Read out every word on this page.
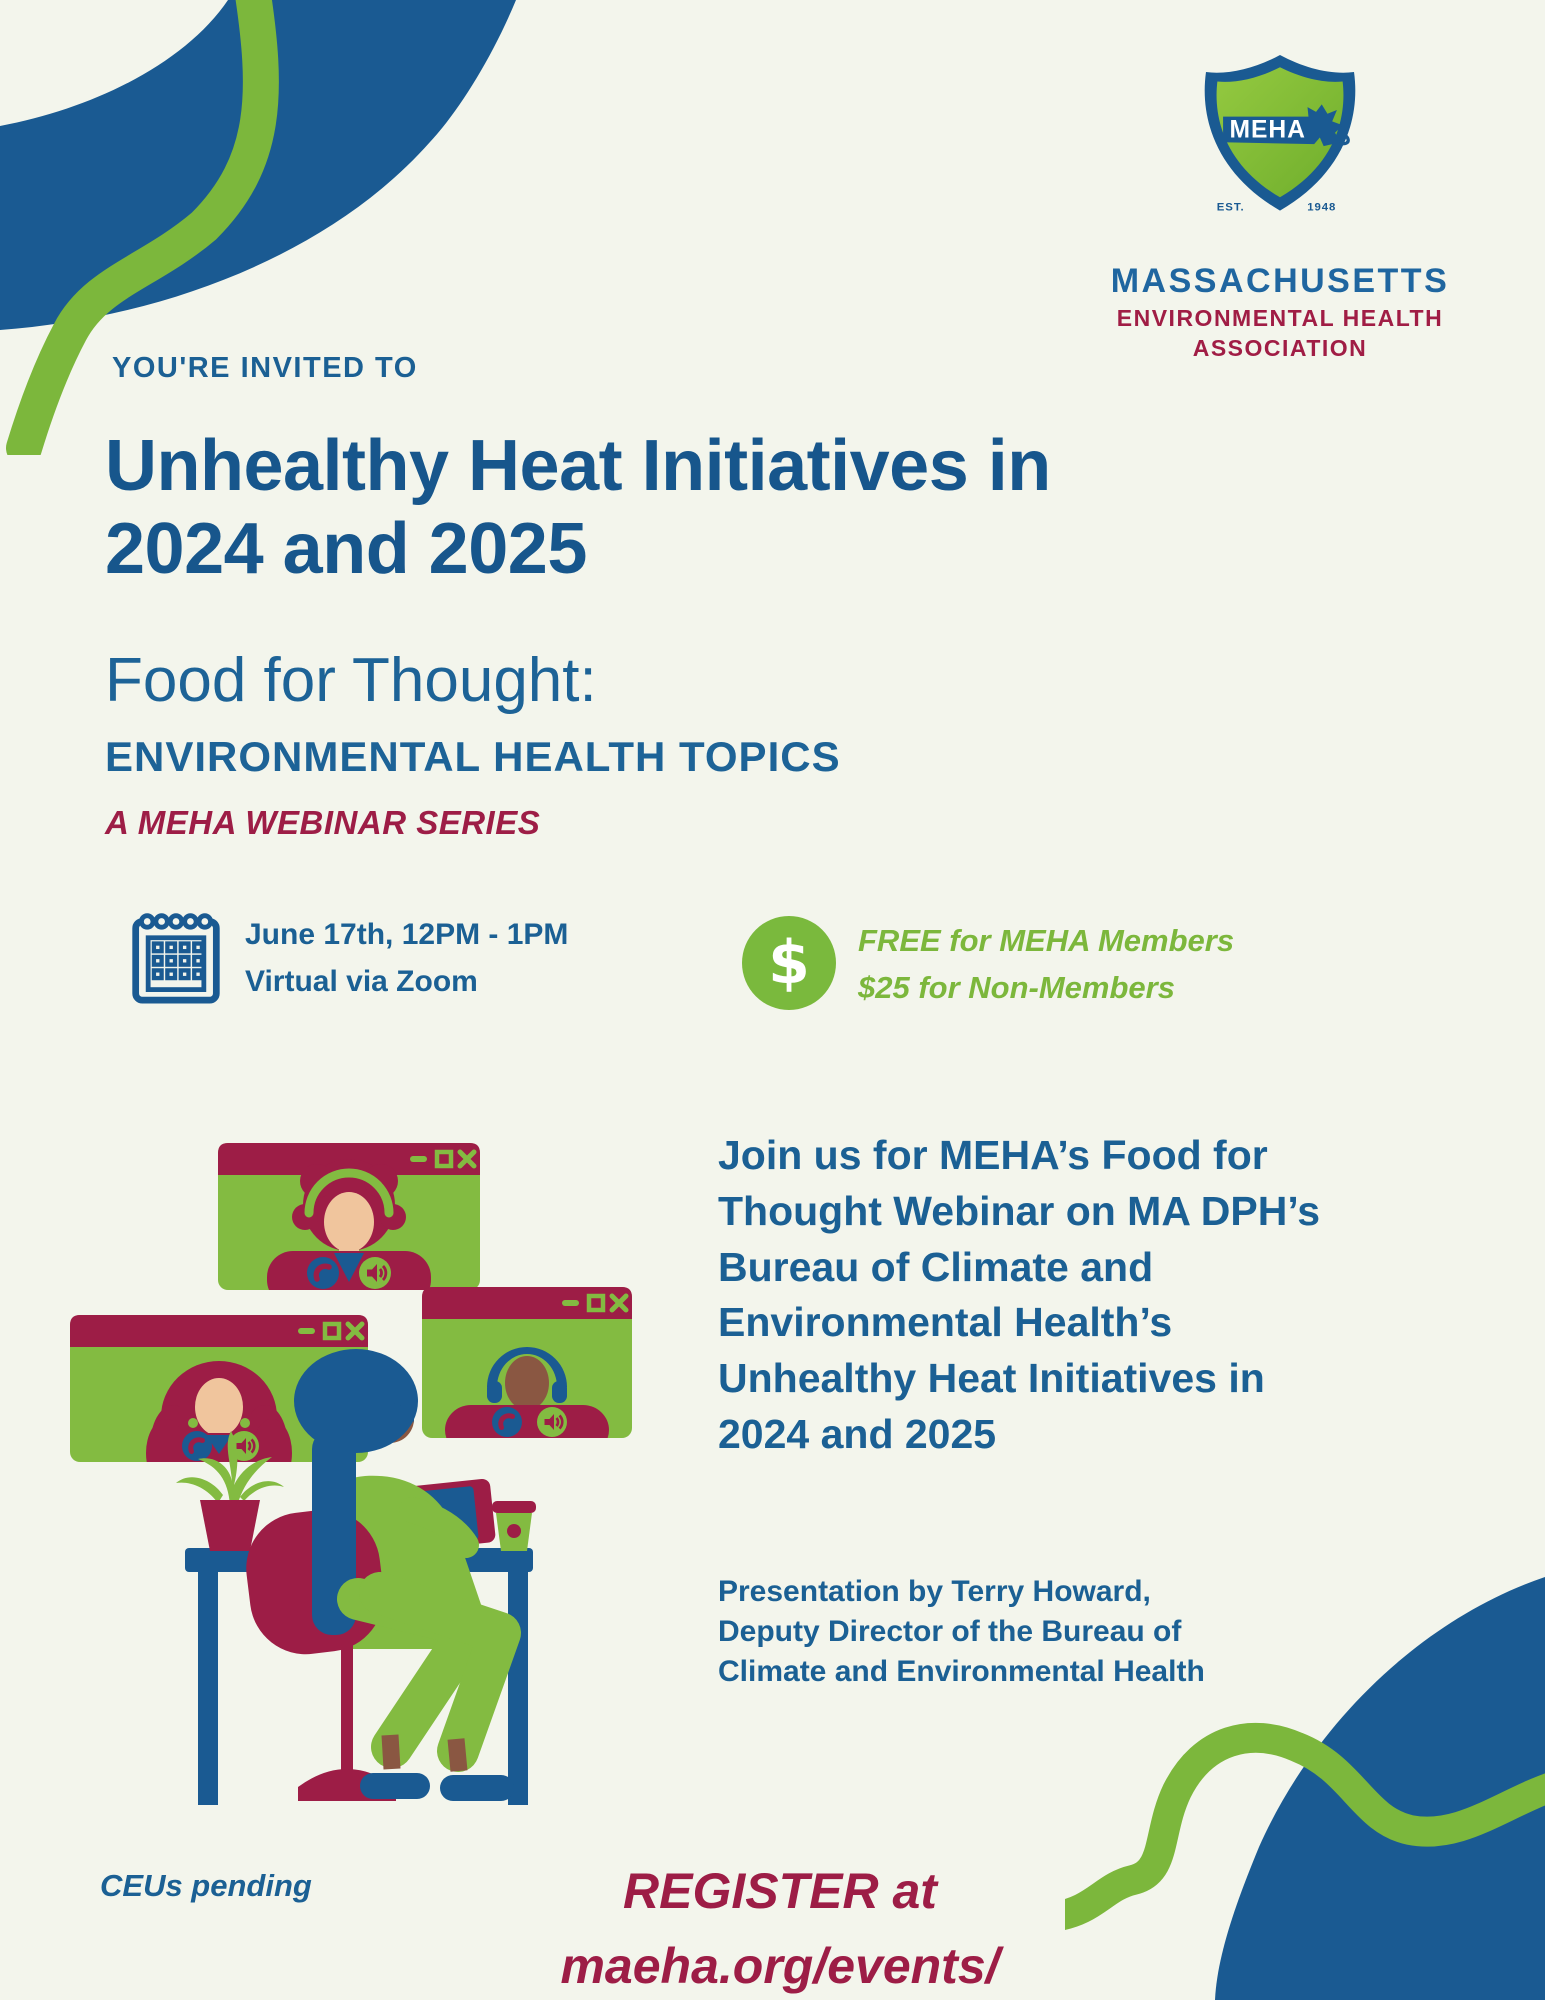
MEHA
EST.	1948
MASSACHUSETTS
ENVIRONMENTAL HEALTH
ASSOCIATION
YOU'RE INVITED TO
Unhealthy Heat Initiatives in
2024 and 2025
Food for Thought:
ENVIRONMENTAL HEALTH TOPICS
A MEHA WEBINAR SERIES
June 17th, 12PM - 1PM
Virtual via Zoom	$ FREE for MEHA Members
$25 for Non-Members
Join us for MEHA’s Food for
Thought Webinar on MA DPH’s
Bureau of Climate and
Environmental Health’s
Unhealthy Heat Initiatives in
2024 and 2025
Presentation by Terry Howard,
Deputy Director of the Bureau of
Climate and Environmental Health
CEUs pending	REGISTER at
maeha.org/events/
